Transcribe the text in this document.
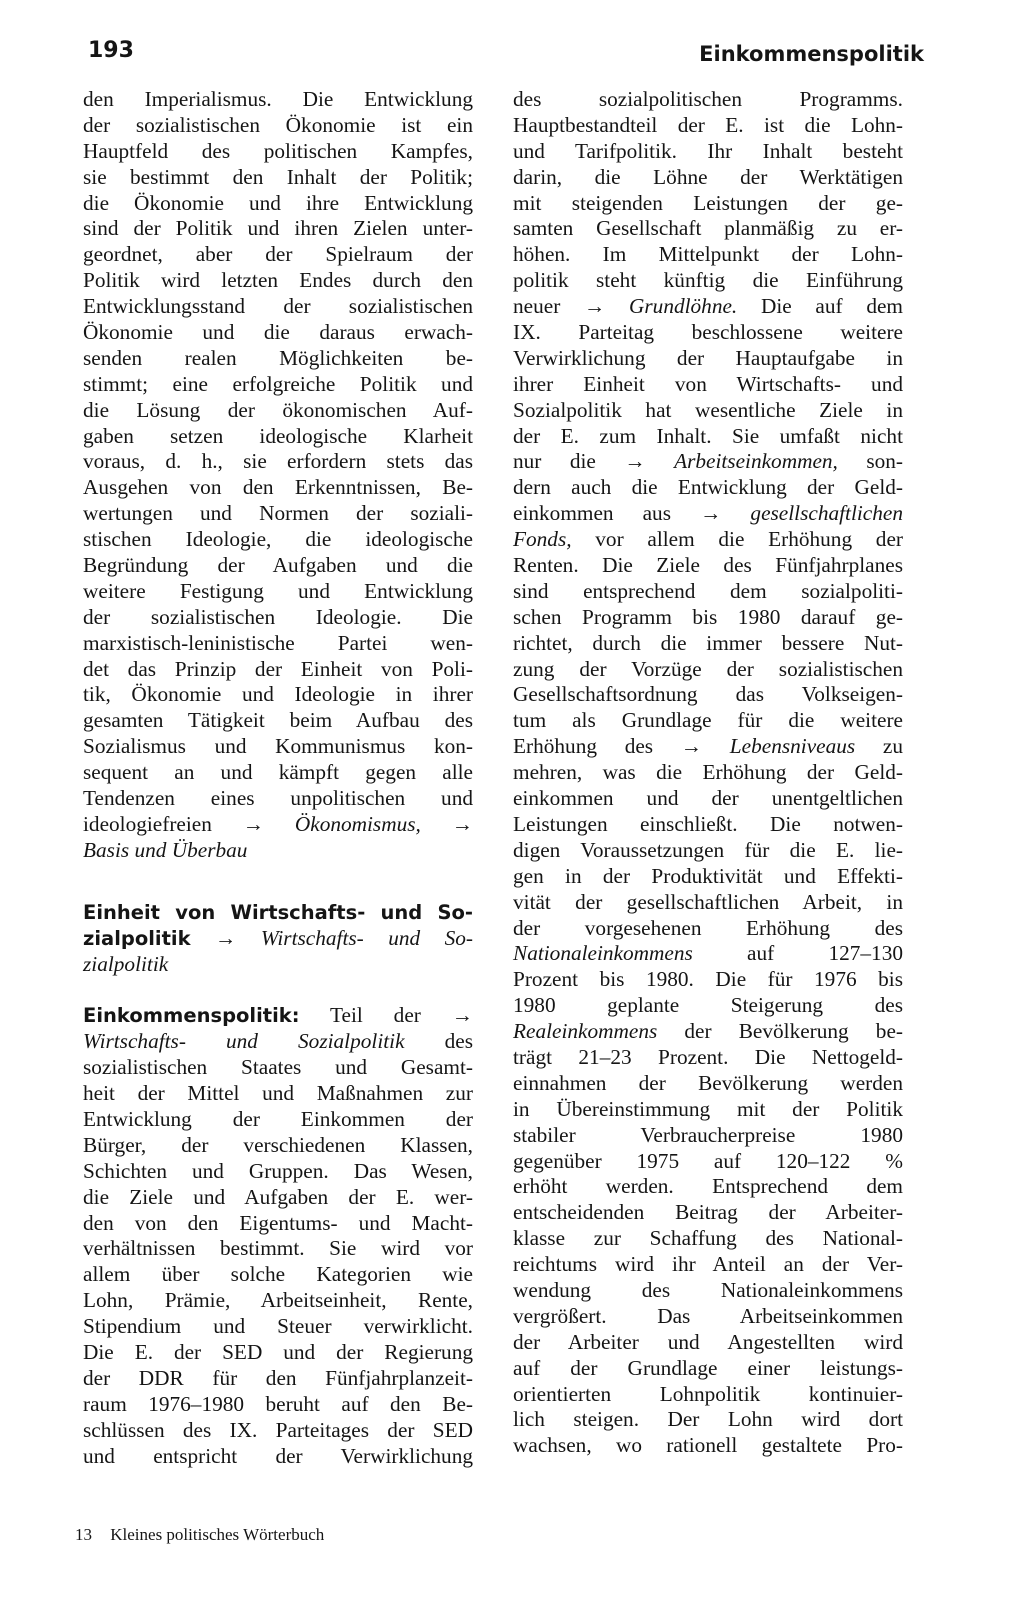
193	Einkommenspolitik
den Imperialismus. Die Entwicklung
der sozialistischen Ökonomie ist ein
Hauptfeld des politischen Kampfes,
sie bestimmt den Inhalt der Politik;
die Ökonomie und ihre Entwicklung
sind der Politik und ihren Zielen unter-
geordnet, aber der Spielraum der
Politik wird letzten Endes durch den
Entwicklungsstand der sozialistischen
Ökonomie und die daraus erwach-
senden realen Möglichkeiten be-
stimmt; eine erfolgreiche Politik und
die Lösung der ökonomischen Auf-
gaben setzen ideologische Klarheit
voraus, d. h., sie erfordern stets das
Ausgehen von den Erkenntnissen, Be-
wertungen und Normen der soziali-
stischen Ideologie, die ideologische
Begründung der Aufgaben und die
weitere Festigung und Entwicklung
der sozialistischen Ideologie. Die
marxistisch-leninistische Partei wen-
det das Prinzip der Einheit von Poli-
tik, Ökonomie und Ideologie in ihrer
gesamten Tätigkeit beim Aufbau des
Sozialismus und Kommunismus kon-
sequent an und kämpft gegen alle
Tendenzen eines unpolitischen und
ideologiefreien → Ökonomismus, →
Basis und Überbau
Einheit von Wirtschafts- und So-
zialpolitik → Wirtschafts- und So-
zialpolitik
Einkommenspolitik: Teil der →
Wirtschafts- und Sozialpolitik des
sozialistischen Staates und Gesamt-
heit der Mittel und Maßnahmen zur
Entwicklung der Einkommen der
Bürger, der verschiedenen Klassen,
Schichten und Gruppen. Das Wesen,
die Ziele und Aufgaben der E. wer-
den von den Eigentums- und Macht-
verhältnissen bestimmt. Sie wird vor
allem über solche Kategorien wie
Lohn, Prämie, Arbeitseinheit, Rente,
Stipendium und Steuer verwirklicht.
Die E. der SED und der Regierung
der DDR für den Fünfjahrplanzeit-
raum 1976–1980 beruht auf den Be-
schlüssen des IX. Parteitages der SED
und entspricht der Verwirklichung
des sozialpolitischen Programms.
Hauptbestandteil der E. ist die Lohn-
und Tarifpolitik. Ihr Inhalt besteht
darin, die Löhne der Werktätigen
mit steigenden Leistungen der ge-
samten Gesellschaft planmäßig zu er-
höhen. Im Mittelpunkt der Lohn-
politik steht künftig die Einführung
neuer → Grundlöhne. Die auf dem
IX. Parteitag beschlossene weitere
Verwirklichung der Hauptaufgabe in
ihrer Einheit von Wirtschafts- und
Sozialpolitik hat wesentliche Ziele in
der E. zum Inhalt. Sie umfaßt nicht
nur die → Arbeitseinkommen, son-
dern auch die Entwicklung der Geld-
einkommen aus → gesellschaftlichen
Fonds, vor allem die Erhöhung der
Renten. Die Ziele des Fünfjahrplanes
sind entsprechend dem sozialpoliti-
schen Programm bis 1980 darauf ge-
richtet, durch die immer bessere Nut-
zung der Vorzüge der sozialistischen
Gesellschaftsordnung das Volkseigen-
tum als Grundlage für die weitere
Erhöhung des → Lebensniveaus zu
mehren, was die Erhöhung der Geld-
einkommen und der unentgeltlichen
Leistungen einschließt. Die notwen-
digen Voraussetzungen für die E. lie-
gen in der Produktivität und Effekti-
vität der gesellschaftlichen Arbeit, in
der vorgesehenen Erhöhung des
Nationaleinkommens	auf 127–130
Prozent bis 1980. Die für 1976 bis
1980 geplante Steigerung des
Realeinkommens der Bevölkerung be-
trägt 21–23 Prozent. Die Nettogeld-
einnahmen der Bevölkerung werden
in Übereinstimmung mit der Politik
stabiler Verbraucherpreise 1980
gegenüber 1975 auf 120–122 %
erhöht werden. Entsprechend dem
entscheidenden Beitrag der Arbeiter-
klasse zur Schaffung des National-
reichtums wird ihr Anteil an der Ver-
wendung des Nationaleinkommens
vergrößert. Das Arbeitseinkommen
der Arbeiter und Angestellten wird
auf der Grundlage einer leistungs-
orientierten Lohnpolitik kontinuier-
lich steigen. Der Lohn wird dort
wachsen, wo rationell gestaltete Pro-
13 Kleines politisches Wörterbuch
